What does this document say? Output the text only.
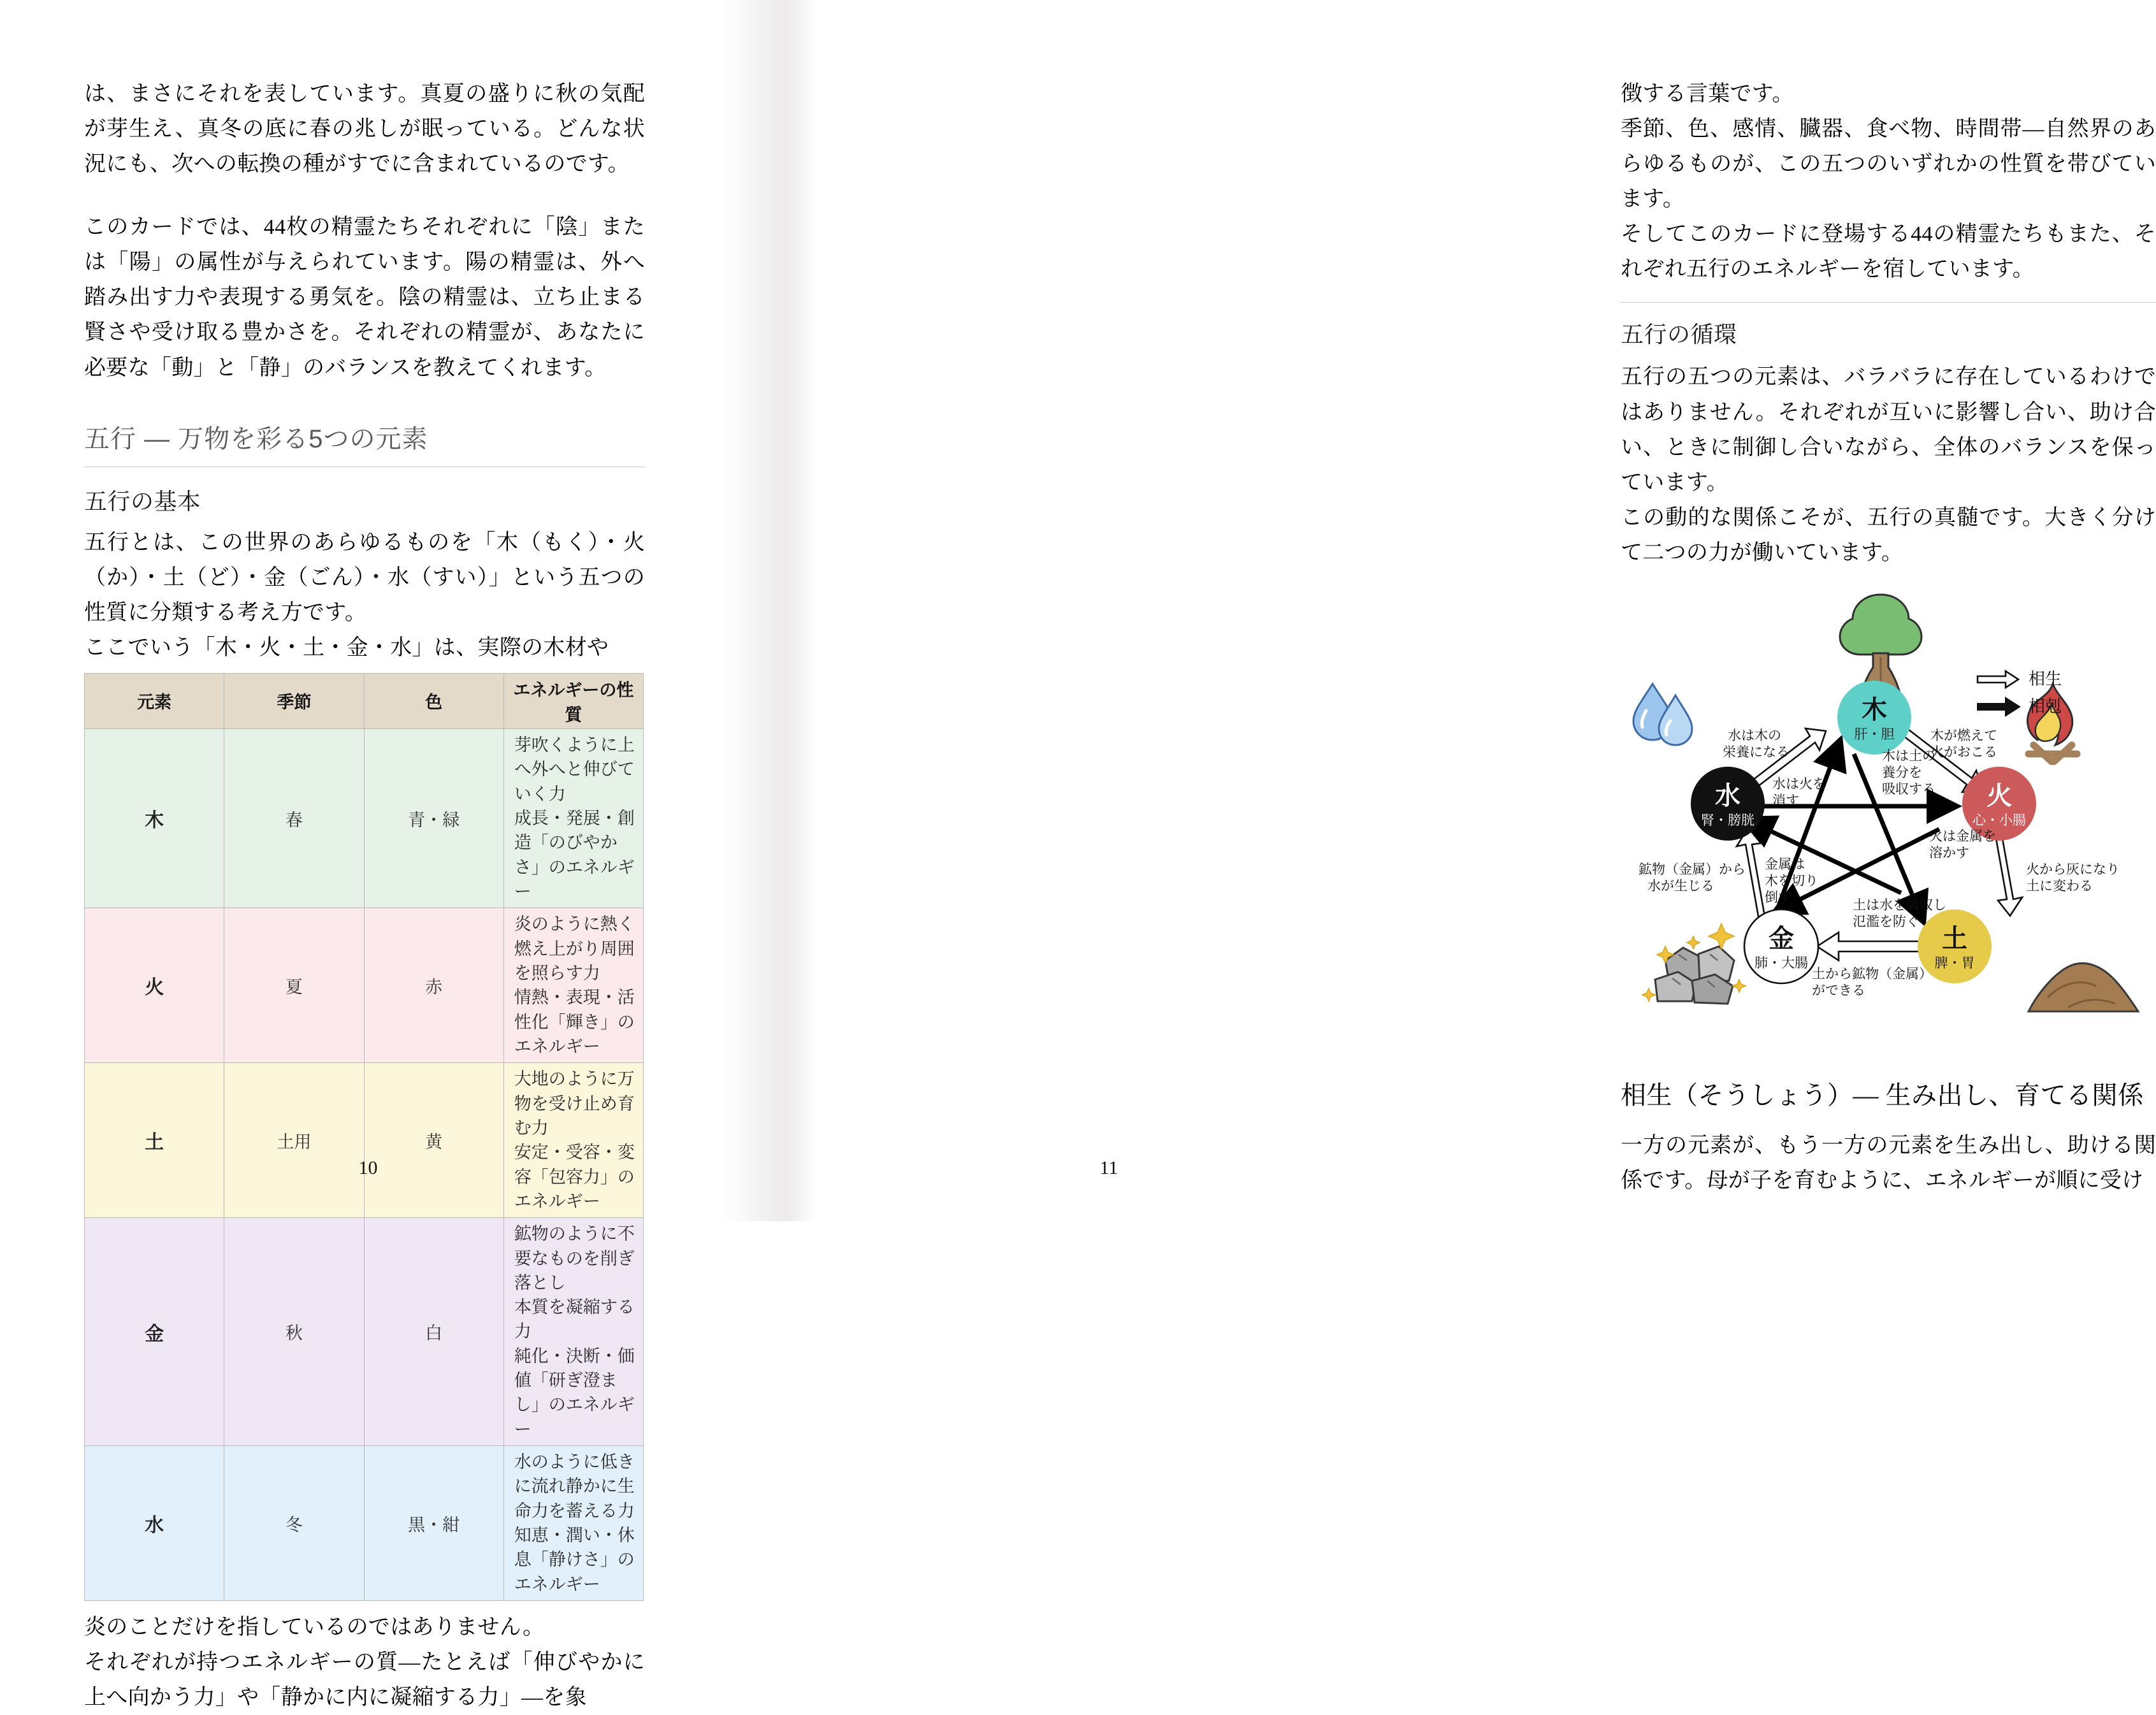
は、まさにそれを表しています。真夏の盛りに秋の気配が芽生え、真冬の底に春の兆しが眠っている。どんな状況にも、次への転換の種がすでに含まれているのです。

このカードでは、44枚の精霊たちそれぞれに「陰」または「陽」の属性が与えられています。陽の精霊は、外へ踏み出す力や表現する勇気を。陰の精霊は、立ち止まる賢さや受け取る豊かさを。それぞれの精霊が、あなたに必要な「動」と「静」のバランスを教えてくれます。

五行 ― 万物を彩る5つの元素
五行の基本

五行とは、この世界のあらゆるものを「木（もく）・火（か）・土（ど）・金（ごん）・水（すい）」という五つの性質に分類する考え方です。

ここでいう「木・火・土・金・水」は、実際の木材や

元素	季節	色	エネルギーの性質
木	春	青・緑	芽吹くように上へ外へと伸びていく力
成長・発展・創造「のびやかさ」のエネルギー

火	夏	赤	炎のように熱く燃え上がり周囲を照らす力
情熱・表現・活性化「輝き」のエネルギー

土	土用	黄	大地のように万物を受け止め育む力
安定・受容・変容「包容力」のエネルギー

金	秋	白	鉱物のように不要なものを削ぎ落とし
本質を凝縮する力
純化・決断・価値「研ぎ澄まし」のエネルギー

水	冬	黒・紺	水のように低きに流れ静かに生命力を蓄える力
知恵・潤い・休息「静けさ」のエネルギー

炎のことだけを指しているのではありません。

それぞれが持つエネルギーの質―たとえば「伸びやかに上へ向かう力」や「静かに内に凝縮する力」―を象

10

徴する言葉です。

季節、色、感情、臓器、食べ物、時間帯―自然界のあらゆるものが、この五つのいずれかの性質を帯びています。

そしてこのカードに登場する44の精霊たちもまた、それぞれ五行のエネルギーを宿しています。

五行の循環

五行の五つの元素は、バラバラに存在しているわけではありません。それぞれが互いに影響し合い、助け合い、ときに制御し合いながら、全体のバランスを保っています。

この動的な関係こそが、五行の真髄です。大きく分けて二つの力が働いています。

木
肝・胆
火
心・小腸
土
脾・胃
金
肺・大腸
水
腎・膀胱
相生
相剋
水は木の
栄養になる
木が燃えて
火がおこる
火から灰になり
土に変わる
土から鉱物（金属）
ができる
鉱物（金属）から
水が生じる
水は火を
消す
木は土の
養分を
吸収する
火は金属を
溶かす
土は水を吸収し
氾濫を防ぐ
金属は
木を切り
倒す
相生（そうしょう）― 生み出し、育てる関係

一方の元素が、もう一方の元素を生み出し、助ける関係です。母が子を育むように、エネルギーが順に受け

11
